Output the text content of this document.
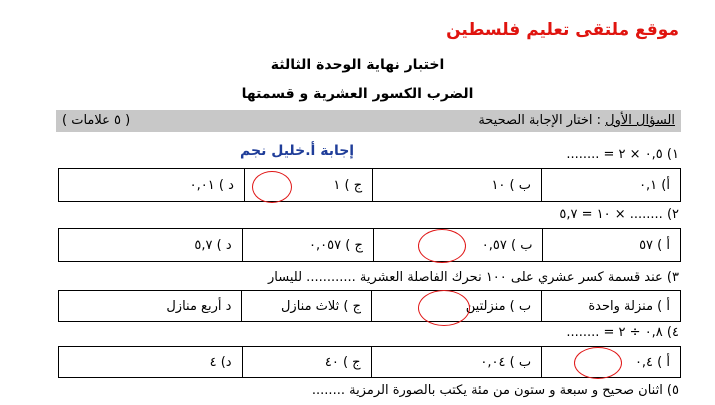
موقع ملتقى تعليم فلسطين
اختبار نهاية الوحدة الثالثة
الضرب الكسور العشرية و قسمتها
السؤال الأول : اختار الإجابة الصحيحة
( ٥ علامات )
إجابة أ.خليل نجم	١) ٠,٥ × ٢ = ........
أ) ٠,١	ب ) ١٠	ج ) ١	د ) ٠,٠١
٢) ........ × ١٠ = ٥,٧
أ ) ٥٧	ب ) ٠,٥٧	ج ) ٠,٠٥٧	د ) ٥,٧
٣) عند قسمة كسر عشري على ١٠٠ نحرك الفاصلة العشرية ............ لليسار
أ ) منزلة واحدة	ب ) منزلتين	ج ) ثلاث منازل	د أربع منازل
٤) ٠,٨ ÷ ٢ = ........
أ ) ٠,٤	ب ) ٠,٠٤	ج ) ٤٠	د) ٤
٥) اثنان صحيح و سبعة و ستون من مئة يكتب بالصورة الرمزية ........
